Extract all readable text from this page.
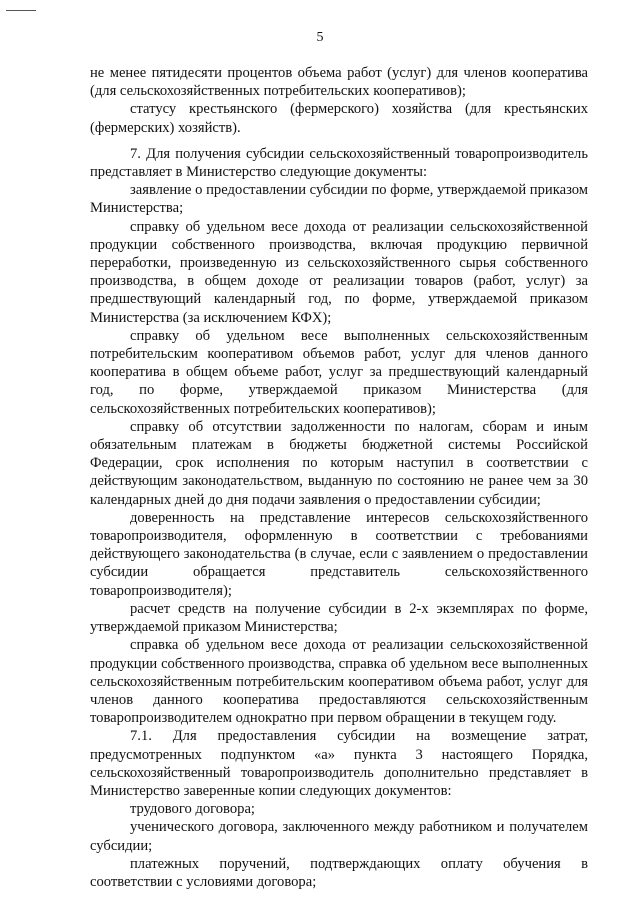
5

не менее пятидесяти процентов объема работ (услуг) для членов кооператива (для сельскохозяйственных потребительских кооперативов);

статусу крестьянского (фермерского) хозяйства (для крестьянских (фермерских) хозяйств).

7. Для получения субсидии сельскохозяйственный товаропроизводитель представляет в Министерство следующие документы:

заявление о предоставлении субсидии по форме, утверждаемой приказом Министерства;

справку об удельном весе дохода от реализации сельскохозяйственной продукции собственного производства, включая продукцию первичной переработки, произведенную из сельскохозяйственного сырья собственного производства, в общем доходе от реализации товаров (работ, услуг) за предшествующий календарный год, по форме, утверждаемой приказом Министерства (за исключением КФХ);

справку об удельном весе выполненных сельскохозяйственным потребительским кооперативом объемов работ, услуг для членов данного кооператива в общем объеме работ, услуг за предшествующий календарный год, по форме, утверждаемой приказом Министерства (для сельскохозяйственных потребительских кооперативов);

справку об отсутствии задолженности по налогам, сборам и иным обязательным платежам в бюджеты бюджетной системы Российской Федерации, срок исполнения по которым наступил в соответствии с действующим законодательством, выданную по состоянию не ранее чем за 30 календарных дней до дня подачи заявления о предоставлении субсидии;

доверенность на представление интересов сельскохозяйственного товаропроизводителя, оформленную в соответствии с требованиями действующего законодательства (в случае, если с заявлением о предоставлении субсидии обращается представитель сельскохозяйственного товаропроизводителя);

расчет средств на получение субсидии в 2-х экземплярах по форме, утверждаемой приказом Министерства;

справка об удельном весе дохода от реализации сельскохозяйственной продукции собственного производства, справка об удельном весе выполненных сельскохозяйственным потребительским кооперативом объема работ, услуг для членов данного кооператива предоставляются сельскохозяйственным товаропроизводителем однократно при первом обращении в текущем году.

7.1. Для предоставления субсидии на возмещение затрат, предусмотренных подпунктом «а» пункта 3 настоящего Порядка, сельскохозяйственный товаропроизводитель дополнительно представляет в Министерство заверенные копии следующих документов:

трудового договора;

ученического договора, заключенного между работником и получателем субсидии;

платежных поручений, подтверждающих оплату обучения в соответствии с условиями договора;
